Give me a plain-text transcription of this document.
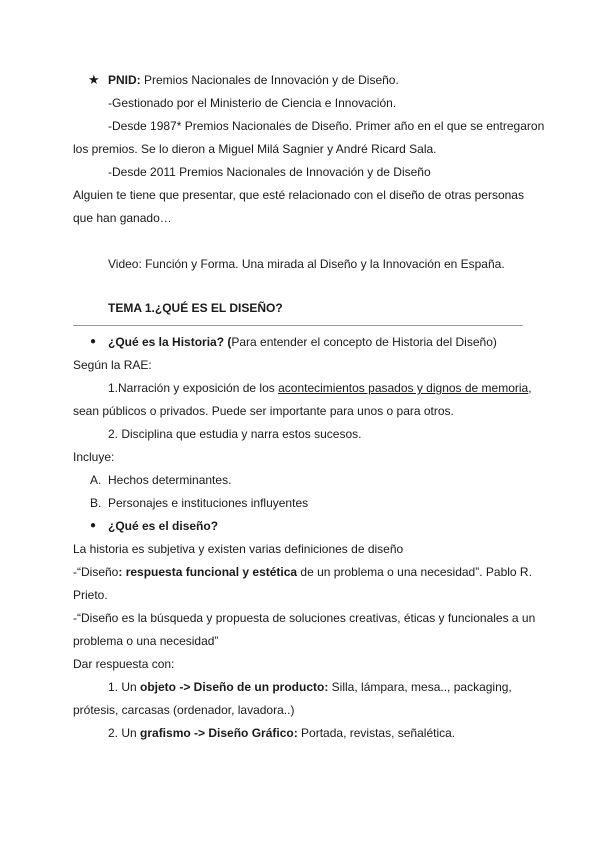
★ PNID: Premios Nacionales de Innovación y de Diseño.
-Gestionado por el Ministerio de Ciencia e Innovación.
-Desde 1987* Premios Nacionales de Diseño. Primer año en el que se entregaron
los premios. Se lo dieron a Miguel Milá Sagnier y André Ricard Sala.
-Desde 2011 Premios Nacionales de Innovación y de Diseño
Alguien te tiene que presentar, que esté relacionado con el diseño de otras personas
que han ganado…
Video: Función y Forma. Una mirada al Diseño y la Innovación en España.
TEMA 1.¿QUÉ ES EL DISEÑO?
● ¿Qué es la Historia? (Para entender el concepto de Historia del Diseño)
Según la RAE:
1.Narración y exposición de los acontecimientos pasados y dignos de memoria,
sean públicos o privados. Puede ser importante para unos o para otros.
2. Disciplina que estudia y narra estos sucesos.
Incluye:
A. Hechos determinantes.
B. Personajes e instituciones influyentes
● ¿Qué es el diseño?
La historia es subjetiva y existen varias definiciones de diseño
-“Diseño: respuesta funcional y estética de un problema o una necesidad”. Pablo R.
Prieto.
-“Diseño es la búsqueda y propuesta de soluciones creativas, éticas y funcionales a un
problema o una necesidad”
Dar respuesta con:
1. Un objeto -> Diseño de un producto: Silla, lámpara, mesa.., packaging,
prótesis, carcasas (ordenador, lavadora..)
2. Un grafismo -> Diseño Gráfico: Portada, revistas, señalética.
